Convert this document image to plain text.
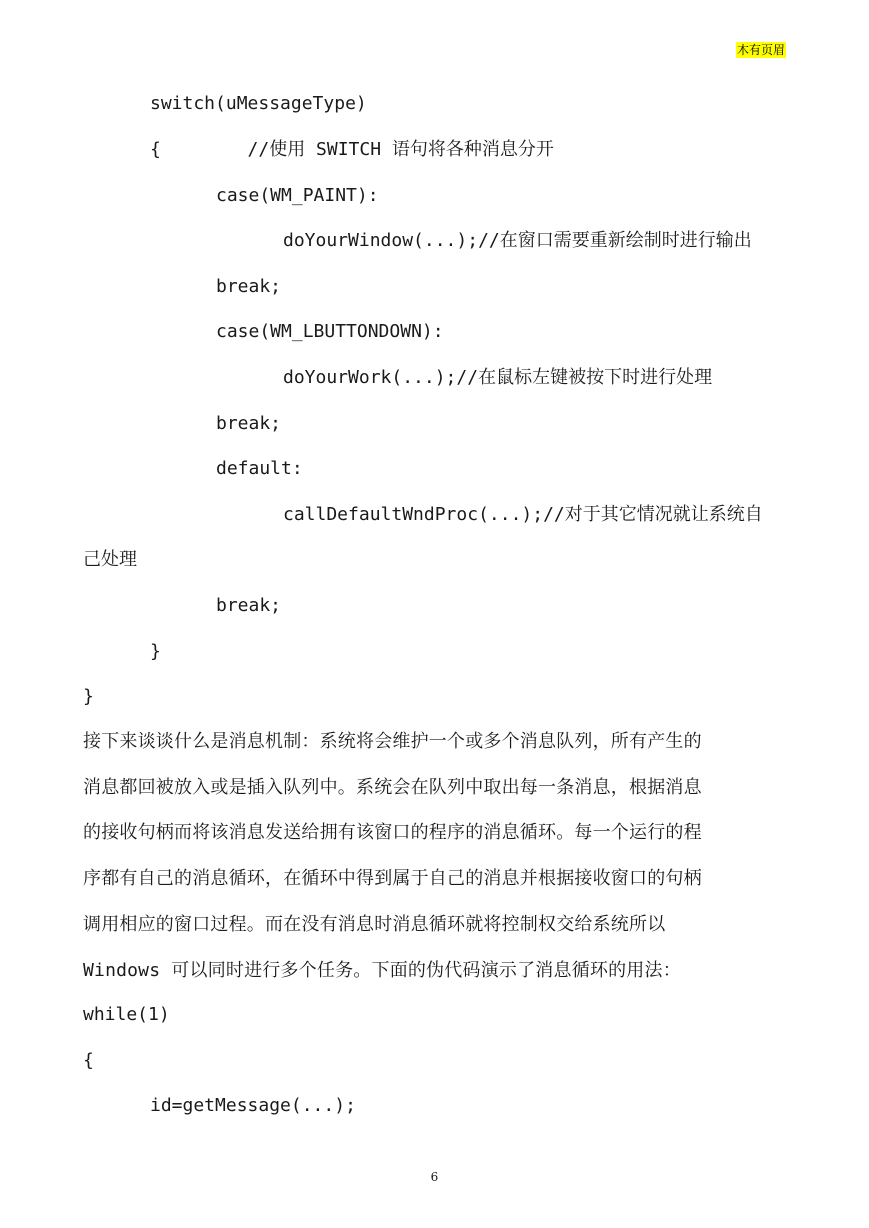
木有页眉
switch(uMessageType)
{        //使用 SWITCH 语句将各种消息分开
case(WM_PAINT):
doYourWindow(...);//在窗口需要重新绘制时进行输出
break;
case(WM_LBUTTONDOWN):
doYourWork(...);//在鼠标左键被按下时进行处理
break;
default:
callDefaultWndProc(...);//对于其它情况就让系统自
己处理
break;
}
}
接下来谈谈什么是消息机制：系统将会维护一个或多个消息队列，所有产生的
消息都回被放入或是插入队列中。系统会在队列中取出每一条消息，根据消息
的接收句柄而将该消息发送给拥有该窗口的程序的消息循环。每一个运行的程
序都有自己的消息循环，在循环中得到属于自己的消息并根据接收窗口的句柄
调用相应的窗口过程。而在没有消息时消息循环就将控制权交给系统所以
Windows 可以同时进行多个任务。下面的伪代码演示了消息循环的用法：
while(1)
{
id=getMessage(...);
6
